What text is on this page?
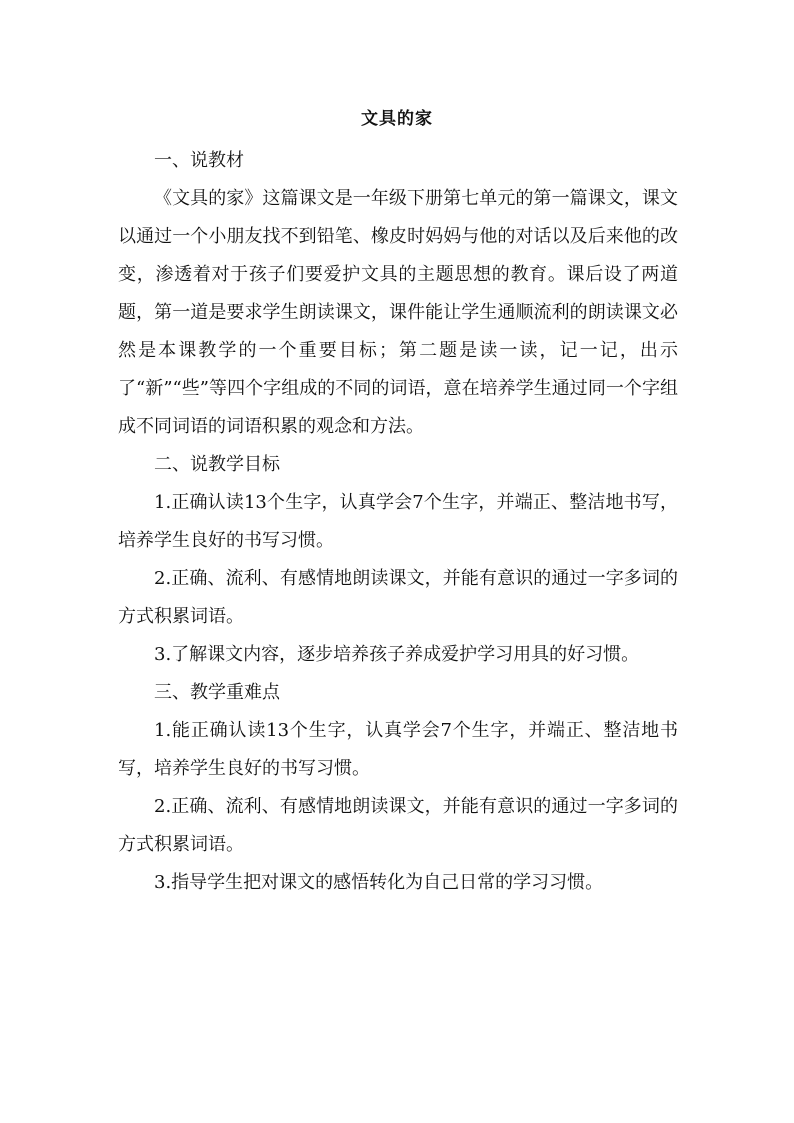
文具的家

一、说教材

《文具的家》这篇课文是一年级下册第七单元的第一篇课文，课文以通过一个小朋友找不到铅笔、橡皮时妈妈与他的对话以及后来他的改变，渗透着对于孩子们要爱护文具的主题思想的教育。课后设了两道题，第一道是要求学生朗读课文，课件能让学生通顺流利的朗读课文必然是本课教学的一个重要目标；第二题是读一读，记一记，出示了“新”“些”等四个字组成的不同的词语，意在培养学生通过同一个字组成不同词语的词语积累的观念和方法。

二、说教学目标

1.正确认读13个生字，认真学会7个生字，并端正、整洁地书写，培养学生良好的书写习惯。

2.正确、流利、有感情地朗读课文，并能有意识的通过一字多词的方式积累词语。

3.了解课文内容，逐步培养孩子养成爱护学习用具的好习惯。

三、教学重难点

1.能正确认读13个生字，认真学会7个生字，并端正、整洁地书写，培养学生良好的书写习惯。

2.正确、流利、有感情地朗读课文，并能有意识的通过一字多词的方式积累词语。

3.指导学生把对课文的感悟转化为自己日常的学习习惯。
